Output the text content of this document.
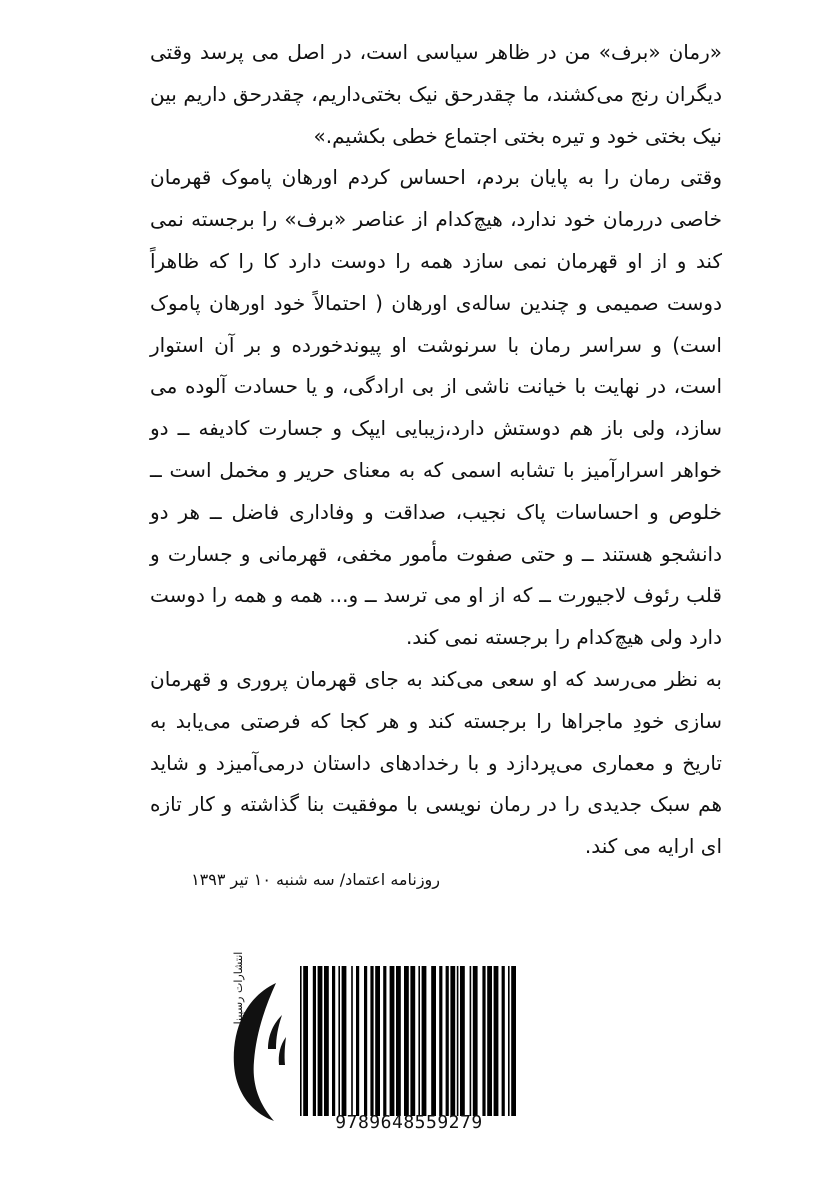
«رمان «برف» من در ظاهر سیاسی است، در اصل می پرسد وقتی دیگران رنج می‌کشند، ما چقدرحق نیک بختی‌داریم، چقدرحق داریم بین نیک بختی خود و تیره بختی اجتماع خطی بکشیم.»

وقتی رمان را به پایان بردم، احساس کردم اورهان پاموک قهرمان خاصی دررمان خود ندارد، هیچ‌کدام از عناصر «برف» را برجسته نمی کند و از او قهرمان نمی سازد همه را دوست دارد کا را که ظاهراً دوست صمیمی و چندین ساله‌ی اورهان ( احتمالاً خود اورهان پاموک است) و سراسر رمان با سرنوشت او پیوندخورده و بر آن استوار است، در نهایت با خیانت ناشی از بی ارادگی، و یا حسادت آلوده می سازد، ولی باز هم دوستش دارد،زیبایی ایپک و جسارت کادیفه ــ دو خواهر اسرارآمیز با تشابه اسمی که به معنای حریر و مخمل است ــ خلوص و احساسات پاک نجیب، صداقت و وفاداری فاضل ــ هر دو دانشجو هستند ــ و حتی صفوت مأمور مخفی، قهرمانی و جسارت و قلب رئوف لاجیورت ــ که از او می ترسد ــ و... همه و همه را دوست دارد ولی هیچ‌کدام را برجسته نمی کند.

به نظر می‌رسد که او سعی می‌کند به جای قهرمان پروری و قهرمان سازی خودِ ماجراها را برجسته کند و هر کجا که فرصتی می‌یابد به تاریخ و معماری می‌پردازد و با رخدادهای داستان درمی‌آمیزد و شاید هم سبک جدیدی را در رمان نویسی با موفقیت بنا گذاشته و کار تازه ای ارایه می کند.

روزنامه اعتماد/ سه شنبه ۱۰ تیر ۱۳۹۳
انتشارات رسپینا
9789648559279
